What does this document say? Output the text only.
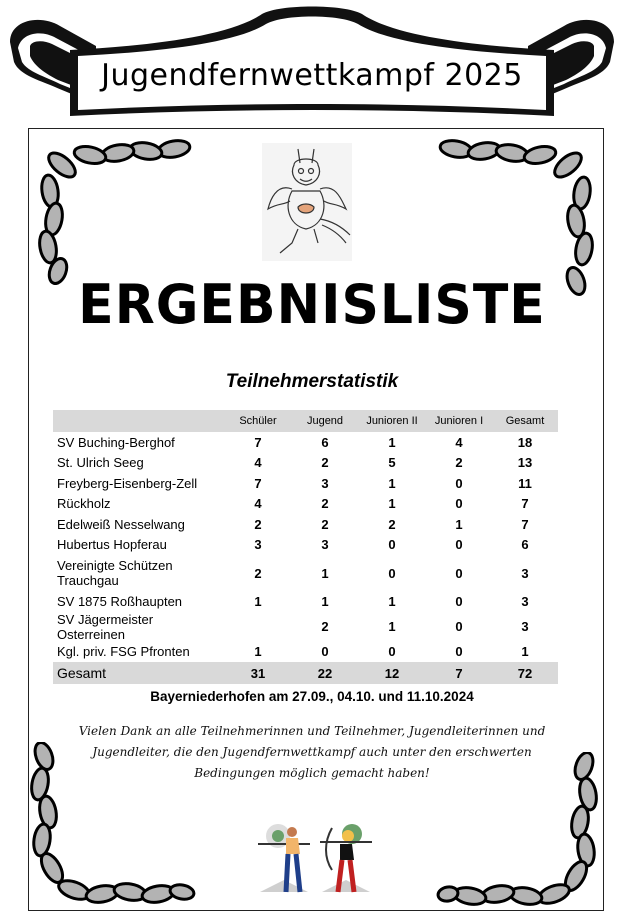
Jugendfernwettkampf 2025
ERGEBNISLISTE
Teilnehmerstatistik
	Schüler	Jugend	Junioren II	Junioren I	Gesamt
SV Buching-Berghof	7	6	1	4	18
St. Ulrich Seeg	4	2	5	2	13
Freyberg-Eisenberg-Zell	7	3	1	0	11
Rückholz	4	2	1	0	7
Edelweiß Nesselwang	2	2	2	1	7
Hubertus Hopferau	3	3	0	0	6
Vereinigte Schützen Trauchgau	2	1	0	0	3
SV 1875 Roßhaupten	1	1	1	0	3
SV Jägermeister Osterreinen		2	1	0	3
Kgl. priv. FSG Pfronten	1	0	0	0	1
Gesamt	31	22	12	7	72
Bayerniederhofen am 27.09., 04.10. und 11.10.2024
Vielen Dank an alle Teilnehmerinnen und Teilnehmer, Jugendleiterinnen und Jugendleiter, die den Jugendfernwettkampf auch unter den erschwerten Bedingungen möglich gemacht haben!
